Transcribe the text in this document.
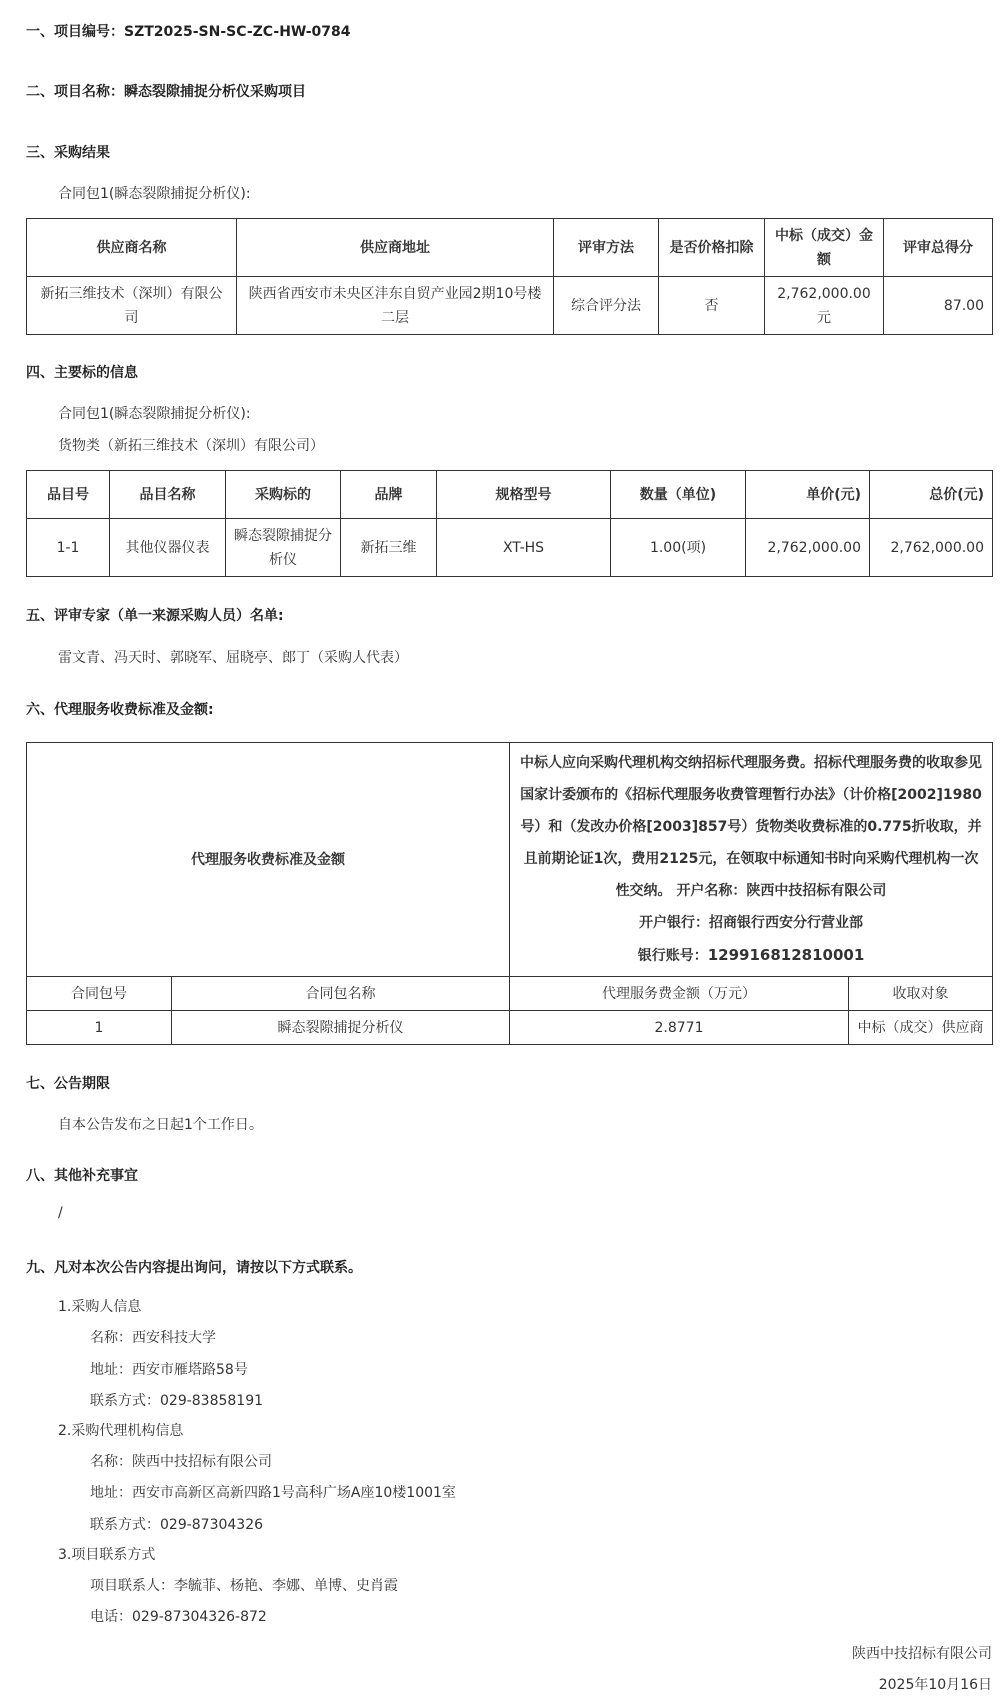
一、项目编号：SZT2025-SN-SC-ZC-HW-0784
二、项目名称：瞬态裂隙捕捉分析仪采购项目
三、采购结果
合同包1(瞬态裂隙捕捉分析仪):
供应商名称	供应商地址	评审方法	是否价格扣除	中标（成交）金额	评审总得分
新拓三维技术（深圳）有限公司	陕西省西安市未央区沣东自贸产业园2期10号楼二层	综合评分法	否	2,762,000.00元	87.00
四、主要标的信息
合同包1(瞬态裂隙捕捉分析仪):
货物类（新拓三维技术（深圳）有限公司）
品目号	品目名称	采购标的	品牌	规格型号	数量（单位)	单价(元)	总价(元)
1-1	其他仪器仪表	瞬态裂隙捕捉分析仪	新拓三维	XT-HS	1.00(项)	2,762,000.00	2,762,000.00
五、评审专家（单一来源采购人员）名单:
雷文青、冯天时、郭晓军、屈晓亭、郎丁（采购人代表）
六、代理服务收费标准及金额:
代理服务收费标准及金额		中标人应向采购代理机构交纳招标代理服务费。招标代理服务费的收取参见国家计委颁布的《招标代理服务收费管理暂行办法》（计价格[2002]1980号）和（发改办价格[2003]857号）货物类收费标准的0.775折收取，并且前期论证1次，费用2125元，在领取中标通知书时向采购代理机构一次性交纳。 开户名称：陕西中技招标有限公司
开户银行：招商银行西安分行营业部
银行账号：129916812810001	
合同包号	合同包名称	代理服务费金额（万元）	收取对象
1	瞬态裂隙捕捉分析仪	2.8771	中标（成交）供应商
七、公告期限
自本公告发布之日起1个工作日。
八、其他补充事宜
/
九、凡对本次公告内容提出询问，请按以下方式联系。
1.采购人信息
名称：西安科技大学
地址：西安市雁塔路58号
联系方式：029-83858191
2.采购代理机构信息
名称：陕西中技招标有限公司
地址：西安市高新区高新四路1号高科广场A座10楼1001室
联系方式：029-87304326
3.项目联系方式
项目联系人：李毓菲、杨艳、李娜、单博、史肖霞
电话：029-87304326-872
陕西中技招标有限公司
2025年10月16日
